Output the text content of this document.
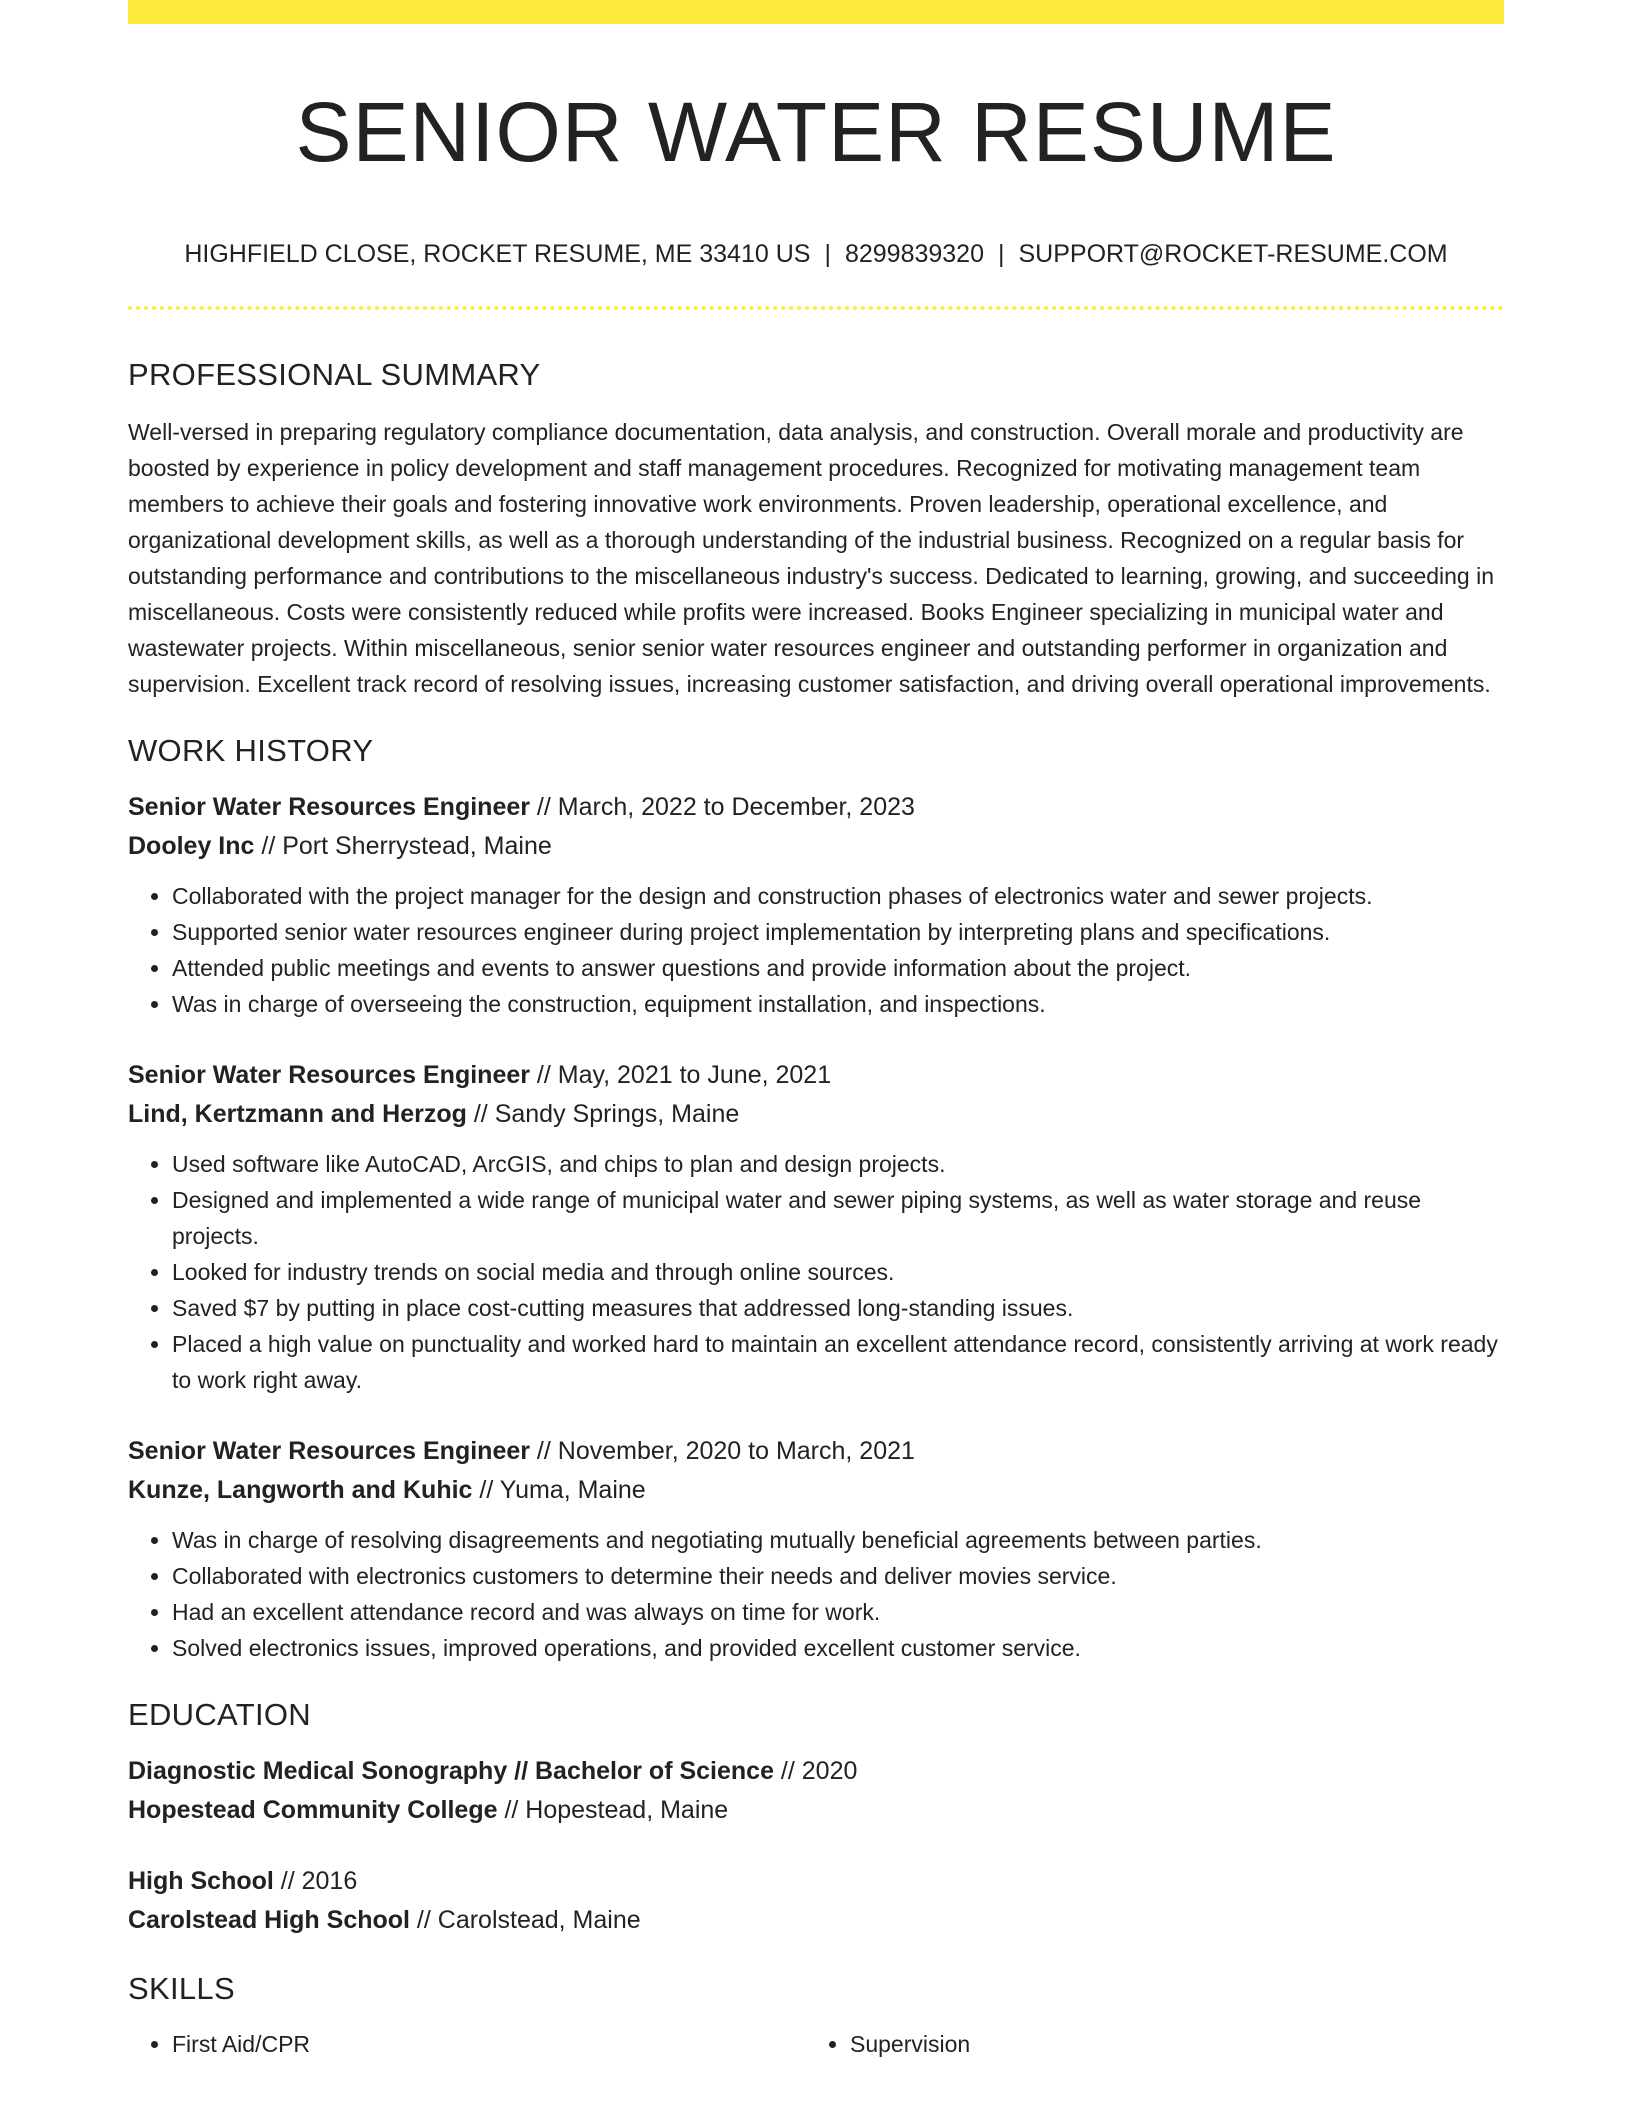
SENIOR WATER RESUME
HIGHFIELD CLOSE, ROCKET RESUME, ME 33410 US | 8299839320 | SUPPORT@ROCKET-RESUME.COM
PROFESSIONAL SUMMARY

Well-versed in preparing regulatory compliance documentation, data analysis, and construction. Overall morale and productivity are boosted by experience in policy development and staff management procedures. Recognized for motivating management team members to achieve their goals and fostering innovative work environments. Proven leadership, operational excellence, and organizational development skills, as well as a thorough understanding of the industrial business. Recognized on a regular basis for outstanding performance and contributions to the miscellaneous industry's success. Dedicated to learning, growing, and succeeding in miscellaneous. Costs were consistently reduced while profits were increased. Books Engineer specializing in municipal water and wastewater projects. Within miscellaneous, senior senior water resources engineer and outstanding performer in organization and supervision. Excellent track record of resolving issues, increasing customer satisfaction, and driving overall operational improvements.

WORK HISTORY
Senior Water Resources Engineer // March, 2022 to December, 2023
Dooley Inc // Port Sherrystead, Maine
• Collaborated with the project manager for the design and construction phases of electronics water and sewer projects.
• Supported senior water resources engineer during project implementation by interpreting plans and specifications.
• Attended public meetings and events to answer questions and provide information about the project.
• Was in charge of overseeing the construction, equipment installation, and inspections.
Senior Water Resources Engineer // May, 2021 to June, 2021
Lind, Kertzmann and Herzog // Sandy Springs, Maine
• Used software like AutoCAD, ArcGIS, and chips to plan and design projects.
• Designed and implemented a wide range of municipal water and sewer piping systems, as well as water storage and reuse projects.
• Looked for industry trends on social media and through online sources.
• Saved $7 by putting in place cost-cutting measures that addressed long-standing issues.
• Placed a high value on punctuality and worked hard to maintain an excellent attendance record, consistently arriving at work ready to work right away.
Senior Water Resources Engineer // November, 2020 to March, 2021
Kunze, Langworth and Kuhic // Yuma, Maine
• Was in charge of resolving disagreements and negotiating mutually beneficial agreements between parties.
• Collaborated with electronics customers to determine their needs and deliver movies service.
• Had an excellent attendance record and was always on time for work.
• Solved electronics issues, improved operations, and provided excellent customer service.
EDUCATION
Diagnostic Medical Sonography // Bachelor of Science // 2020
Hopestead Community College // Hopestead, Maine
High School // 2016
Carolstead High School // Carolstead, Maine
SKILLS
• First Aid/CPR
•	Supervision
